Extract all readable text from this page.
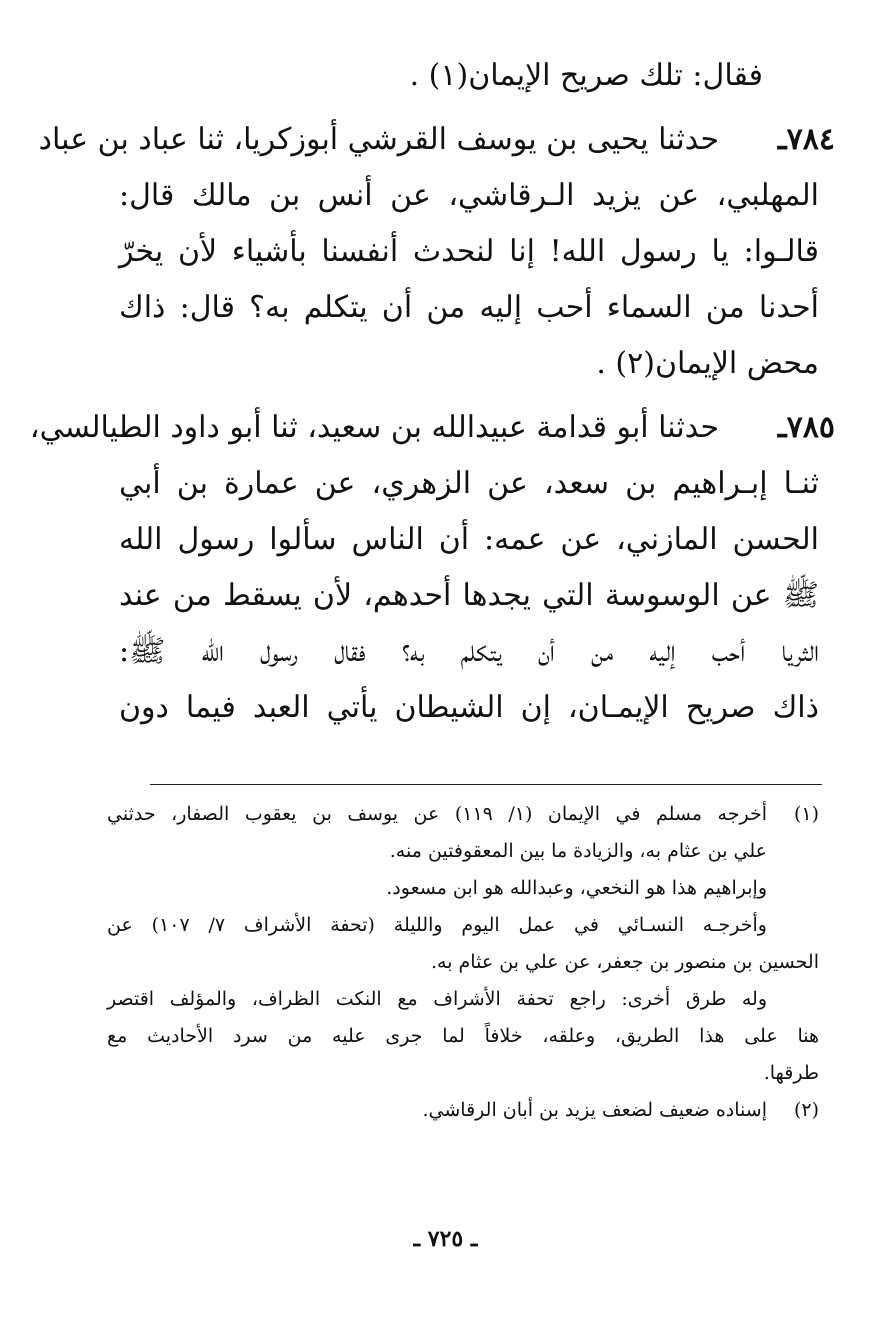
فقال: تلك صريح الإيمان(١) .
٧٨٤ـ
حدثنا يحيى بن يوسف القرشي أبوزكريا، ثنا عباد بن عباد
المهلبي، عن يزيد الـرقاشي، عن أنس بن مالك قال:
قالـوا: يا رسول الله! إنا لنحدث أنفسنا بأشياء لأن يخرّ
أحدنا من السماء أحب إليه من أن يتكلم به؟ قال: ذاك
محض الإيمان(٢) .
٧٨٥ـ
حدثنا أبو قدامة عبيدالله بن سعيد، ثنا أبو داود الطيالسي،
ثنـا إبـراهيم بن سعد، عن الزهري، عن عمارة بن أبي
الحسن المازني، عن عمه: أن الناس سألوا رسول الله
ﷺ عن الوسوسة التي يجدها أحدهم، لأن يسقط من عند
الثريا أحب إليه من أن يتكلم به؟ فقال رسول الله ﷺ:
ذاك صريح الإيمـان، إن الشيطان يأتي العبد فيما دون
(١)
أخرجه مسلم في الإيمان (١/ ١١٩) عن يوسف بن يعقوب الصفار، حدثني
علي بن عثام به، والزيادة ما بين المعقوفتين منه.
وإبراهيم هذا هو النخعي، وعبدالله هو ابن مسعود.
وأخرجـه النسـائي في عمل اليوم والليلة (تحفة الأشراف ٧/ ١٠٧) عن
الحسين بن منصور بن جعفر، عن علي بن عثام به.
وله طرق أخرى: راجع تحفة الأشراف مع النكت الظراف، والمؤلف اقتصر
هنا على هذا الطريق، وعلقه، خلافاً لما جرى عليه من سرد الأحاديث مع
طرقها.
(٢)
إسناده ضعيف لضعف يزيد بن أبان الرقاشي.
ـ ٧٢٥ ـ
